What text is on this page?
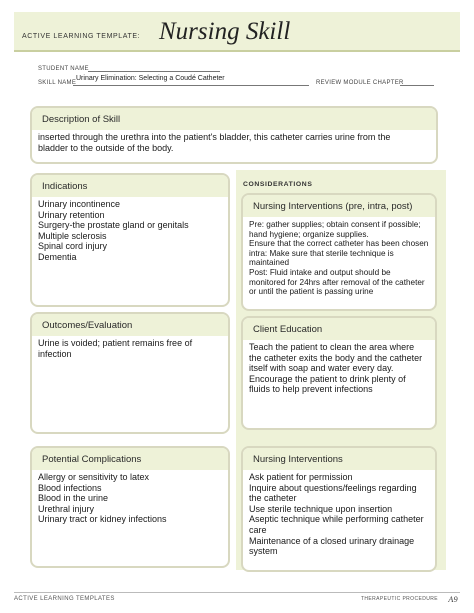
ACTIVE LEARNING TEMPLATE: Nursing Skill
STUDENT NAME
SKILL NAME
Urinary Elimination: Selecting a Coudé Catheter
REVIEW MODULE CHAPTER
Description of Skill
inserted through the urethra into the patient's bladder, this catheter carries urine from the
bladder to the outside of the body.
CONSIDERATIONS
Indications
Urinary incontinence
Urinary retention
Surgery-the prostate gland or genitals
Multiple sclerosis
Spinal cord injury
Dementia
Nursing Interventions (pre, intra, post)
Pre: gather supplies; obtain consent if possible;
hand hygiene; organize supplies.
Ensure that the correct catheter has been chosen
intra: Make sure that sterile technique is
maintained
Post: Fluid intake and output should be
monitored for 24hrs after removal of the catheter
or until the patient is passing urine
Outcomes/Evaluation
Urine is voided; patient remains free of
infection
Client Education
Teach the patient to clean the area where
the catheter exits the body and the catheter
itself with soap and water every day.
Encourage the patient to drink plenty of
fluids to help prevent infections
Potential Complications
Allergy or sensitivity to latex
Blood infections
Blood in the urine
Urethral injury
Urinary tract or kidney infections
Nursing Interventions
Ask patient for permission
Inquire about questions/feelings regarding
the catheter
Use sterile technique upon insertion
Aseptic technique while performing catheter
care
Maintenance of a closed urinary drainage
system
ACTIVE LEARNING TEMPLATES	THERAPEUTIC PROCEDURE A9
